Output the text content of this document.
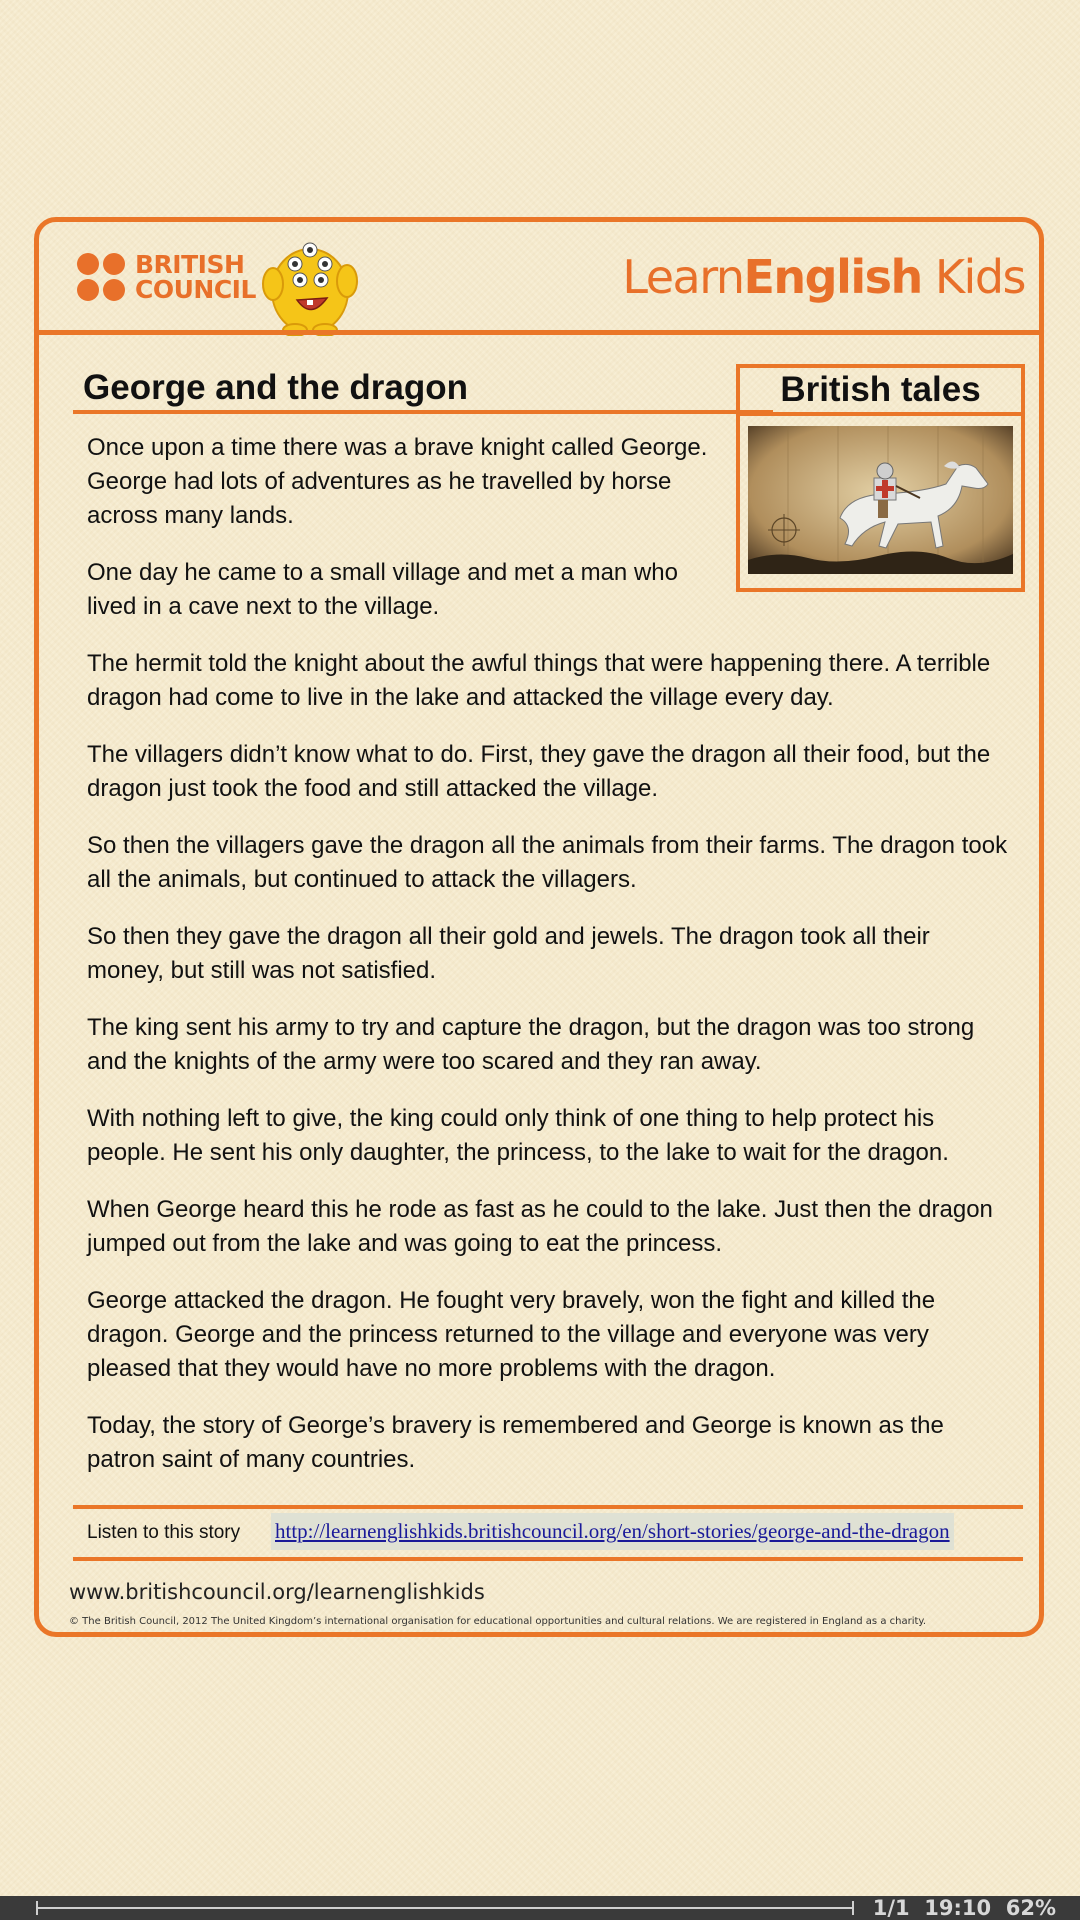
BRITISH
COUNCIL	LearnEnglish Kids
George and the dragon	British tales

Once upon a time there was a brave knight called George. George had lots of adventures as he travelled by horse across many lands.

One day he came to a small village and met a man who lived in a cave next to the village.

The hermit told the knight about the awful things that were happening there. A terrible dragon had come to live in the lake and attacked the village every day.

The villagers didn’t know what to do. First, they gave the dragon all their food, but the dragon just took the food and still attacked the village.

So then the villagers gave the dragon all the animals from their farms. The dragon took all the animals, but continued to attack the villagers.

So then they gave the dragon all their gold and jewels. The dragon took all their money, but still was not satisfied.

The king sent his army to try and capture the dragon, but the dragon was too strong and the knights of the army were too scared and they ran away.

With nothing left to give, the king could only think of one thing to help protect his people. He sent his only daughter, the princess, to the lake to wait for the dragon.

When George heard this he rode as fast as he could to the lake. Just then the dragon jumped out from the lake and was going to eat the princess.

George attacked the dragon. He fought very bravely, won the fight and killed the dragon. George and the princess returned to the village and everyone was very pleased that they would have no more problems with the dragon.

Today, the story of George’s bravery is remembered and George is known as the patron saint of many countries.

Listen to this story http://learnenglishkids.britishcouncil.org/en/short-stories/george-and-the-dragon
www.britishcouncil.org/learnenglishkids
© The British Council, 2012 The United Kingdom’s international organisation for educational opportunities and cultural relations. We are registered in England as a charity.
1/1 19:10 62%
